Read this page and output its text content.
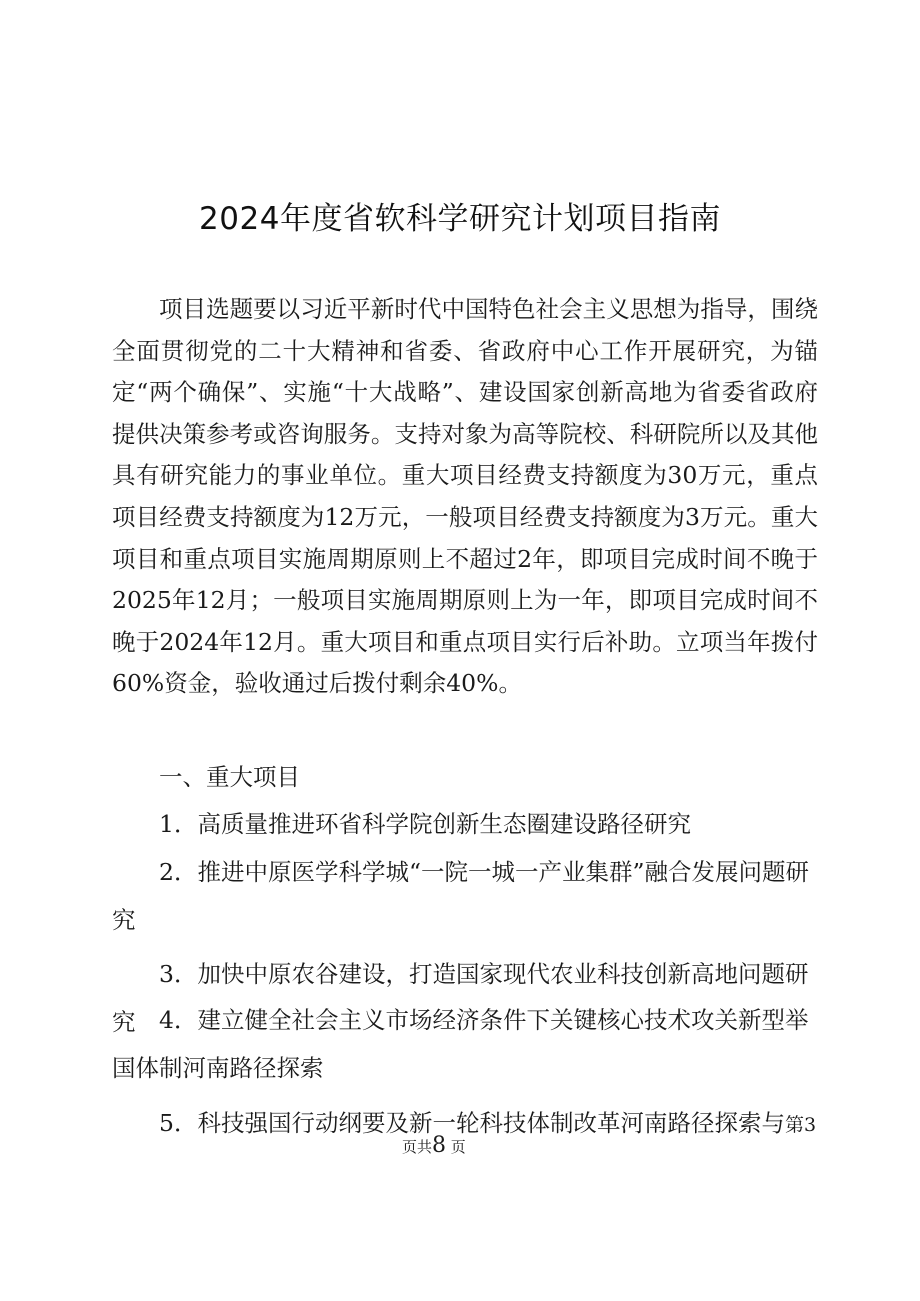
2024年度省软科学研究计划项目指南
项目选题要以习近平新时代中国特色社会主义思想为指导，围绕全面贯彻党的二十大精神和省委、省政府中心工作开展研究，为锚定“两个确保”、实施“十大战略”、建设国家创新高地为省委省政府提供决策参考或咨询服务。支持对象为高等院校、科研院所以及其他具有研究能力的事业单位。重大项目经费支持额度为30万元，重点项目经费支持额度为12万元，一般项目经费支持额度为3万元。重大项目和重点项目实施周期原则上不超过2年，即项目完成时间不晚于2025年12月；一般项目实施周期原则上为一年，即项目完成时间不晚于2024年12月。重大项目和重点项目实行后补助。立项当年拨付60%资金，验收通过后拨付剩余40%。
一、重大项目
1．高质量推进环省科学院创新生态圈建设路径研究
2．推进中原医学科学城“一院一城一产业集群”融合发展问题研究
3．加快中原农谷建设，打造国家现代农业科技创新高地问题研究	4．建立健全社会主义市场经济条件下关键核心技术攻关新型举国体制河南路径探索
5．科技强国行动纲要及新一轮科技体制改革河南路径探索与第3
页共8 页
